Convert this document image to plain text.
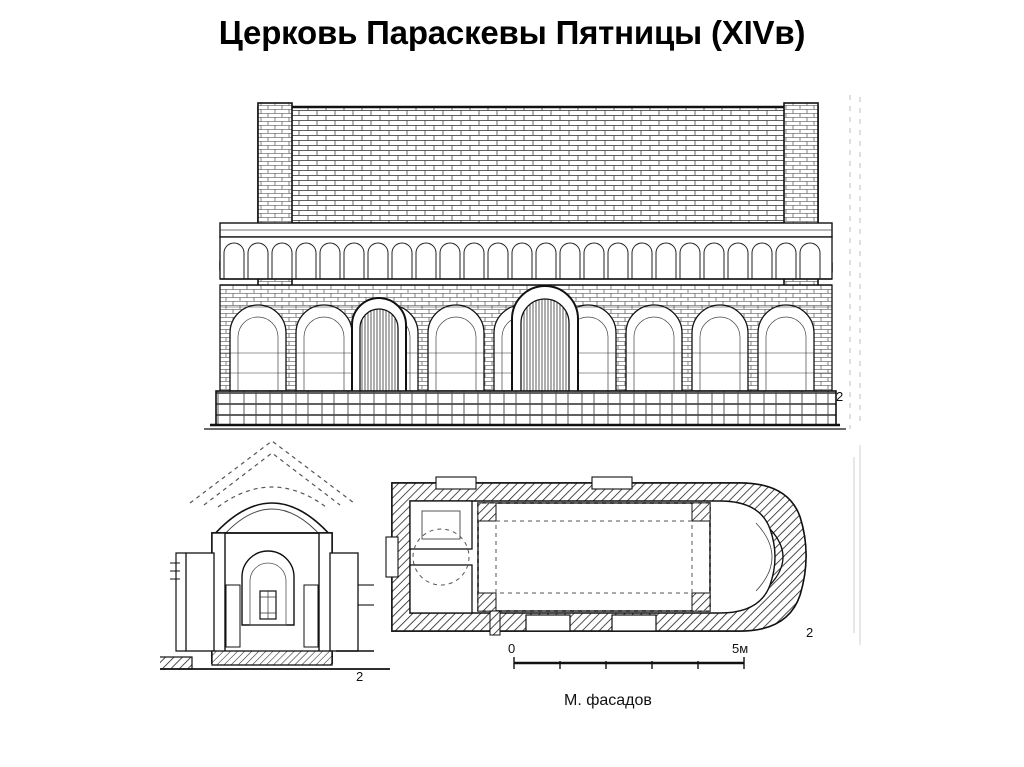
Церковь Параскевы Пятницы (XIVв)
2
2
2
0	5м
М. фасадов
